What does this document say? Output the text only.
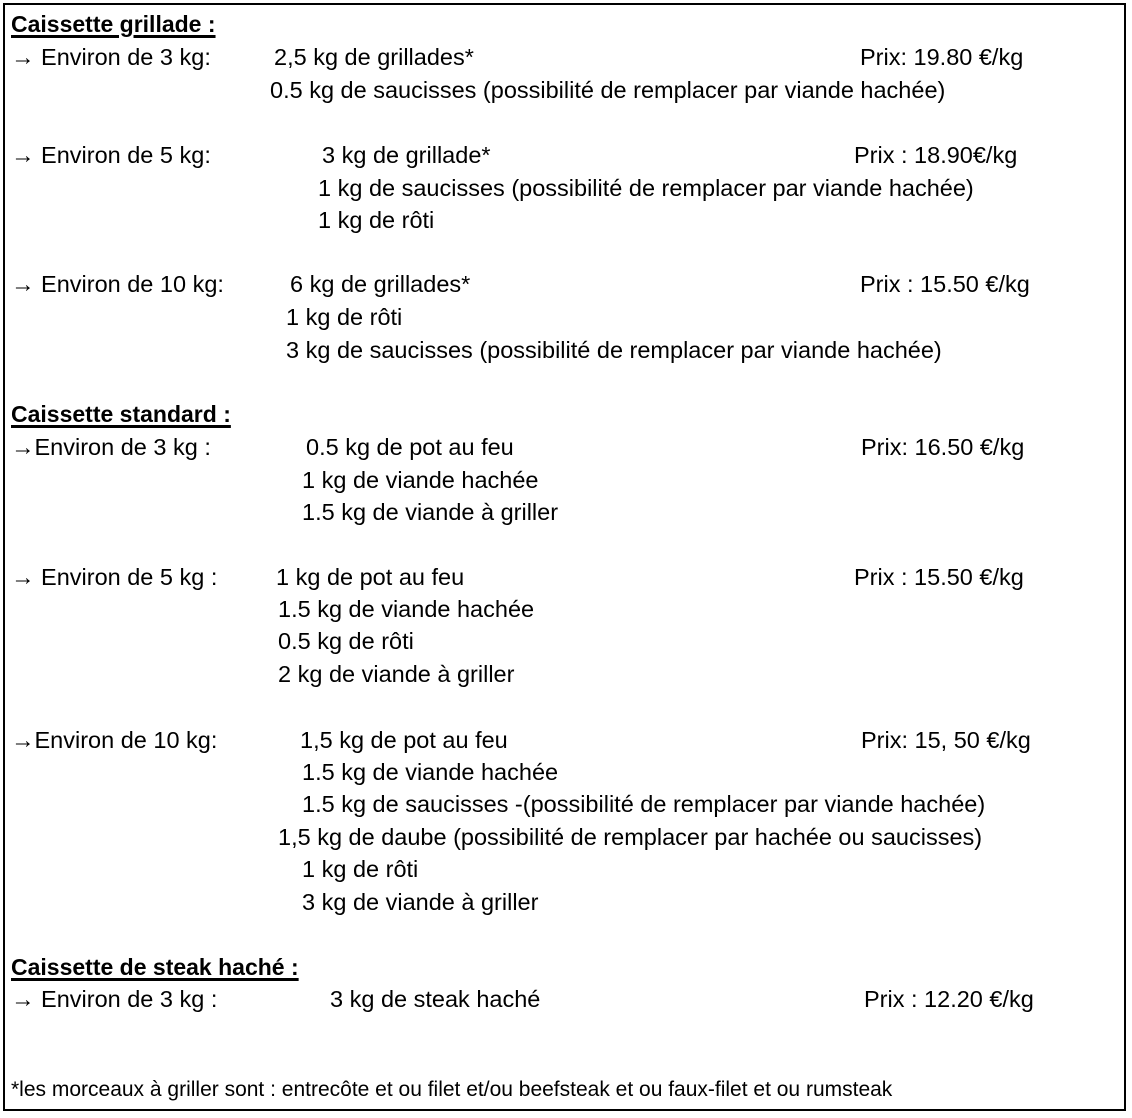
Caissette grillade :
→ Environ de 3 kg:	2,5 kg de grillades*	Prix: 19.80 €/kg
0.5 kg de saucisses (possibilité de remplacer par viande hachée)
→ Environ de 5 kg:	3 kg de grillade*	Prix : 18.90€/kg
1 kg de saucisses (possibilité de remplacer par viande hachée)
1 kg de rôti
→ Environ de 10 kg:	6 kg de grillades*	Prix : 15.50 €/kg
1 kg de rôti
3 kg de saucisses (possibilité de remplacer par viande hachée)
Caissette standard :
→Environ de 3 kg :	0.5 kg de pot au feu	Prix: 16.50 €/kg
1 kg de viande hachée
1.5 kg de viande à griller
→ Environ de 5 kg : 1 kg de pot au feu	Prix : 15.50 €/kg
1.5 kg de viande hachée
0.5 kg de rôti
2 kg de viande à griller
→Environ de 10 kg:	1,5 kg de pot au feu	Prix: 15, 50 €/kg
1.5 kg de viande hachée
1.5 kg de saucisses -(possibilité de remplacer par viande hachée)
1,5 kg de daube (possibilité de remplacer par hachée ou saucisses)
1 kg de rôti
3 kg de viande à griller
Caissette de steak haché :
→ Environ de 3 kg :	3 kg de steak haché	Prix : 12.20 €/kg
*les morceaux à griller sont : entrecôte et ou filet et/ou beefsteak et ou faux-filet et ou rumsteak
